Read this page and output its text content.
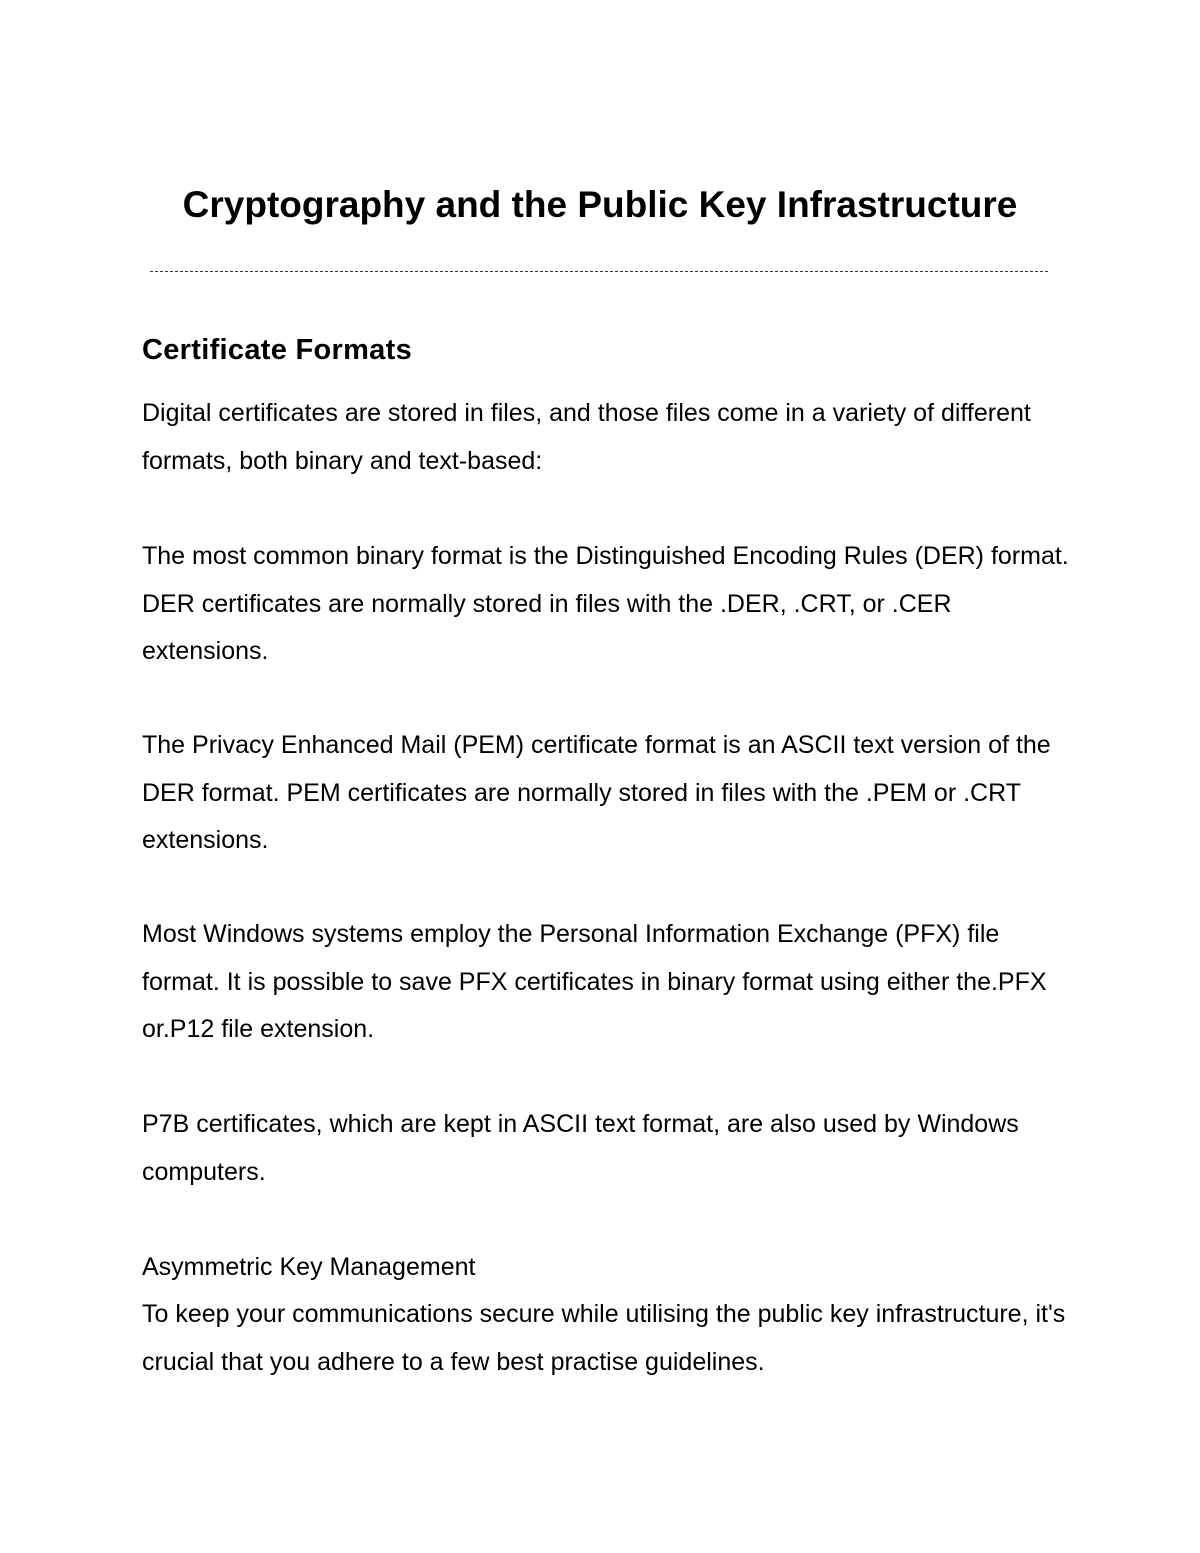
Cryptography and the Public Key Infrastructure
Certificate Formats

Digital certificates are stored in files, and those files come in a variety of different formats, both binary and text-based:

The most common binary format is the Distinguished Encoding Rules (DER) format. DER certificates are normally stored in files with the .DER, .CRT, or .CER extensions.

The Privacy Enhanced Mail (PEM) certificate format is an ASCII text version of the DER format. PEM certificates are normally stored in files with the .PEM or .CRT extensions.

Most Windows systems employ the Personal Information Exchange (PFX) file format. It is possible to save PFX certificates in binary format using either the.PFX or.P12 file extension.

P7B certificates, which are kept in ASCII text format, are also used by Windows computers.

Asymmetric Key Management

To keep your communications secure while utilising the public key infrastructure, it's crucial that you adhere to a few best practise guidelines.
